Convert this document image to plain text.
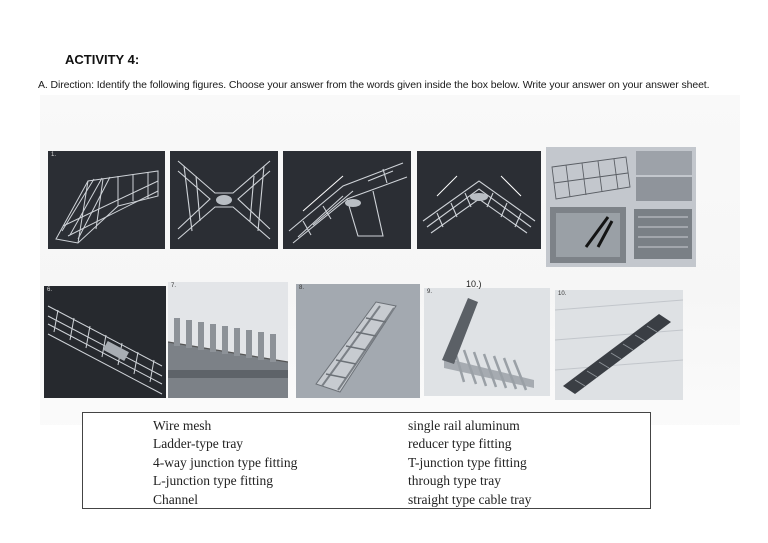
ACTIVITY 4:
A. Direction: Identify the following figures. Choose your answer from the words given inside the box below. Write your answer on your answer sheet.
1.
6.
7.	8.
9.	10.
10.)
Wire mesh
Ladder-type tray
4-way junction type fitting
L-junction type fitting
Channel
single rail aluminum
reducer type fitting
T-junction type fitting
through type tray
straight type cable tray
